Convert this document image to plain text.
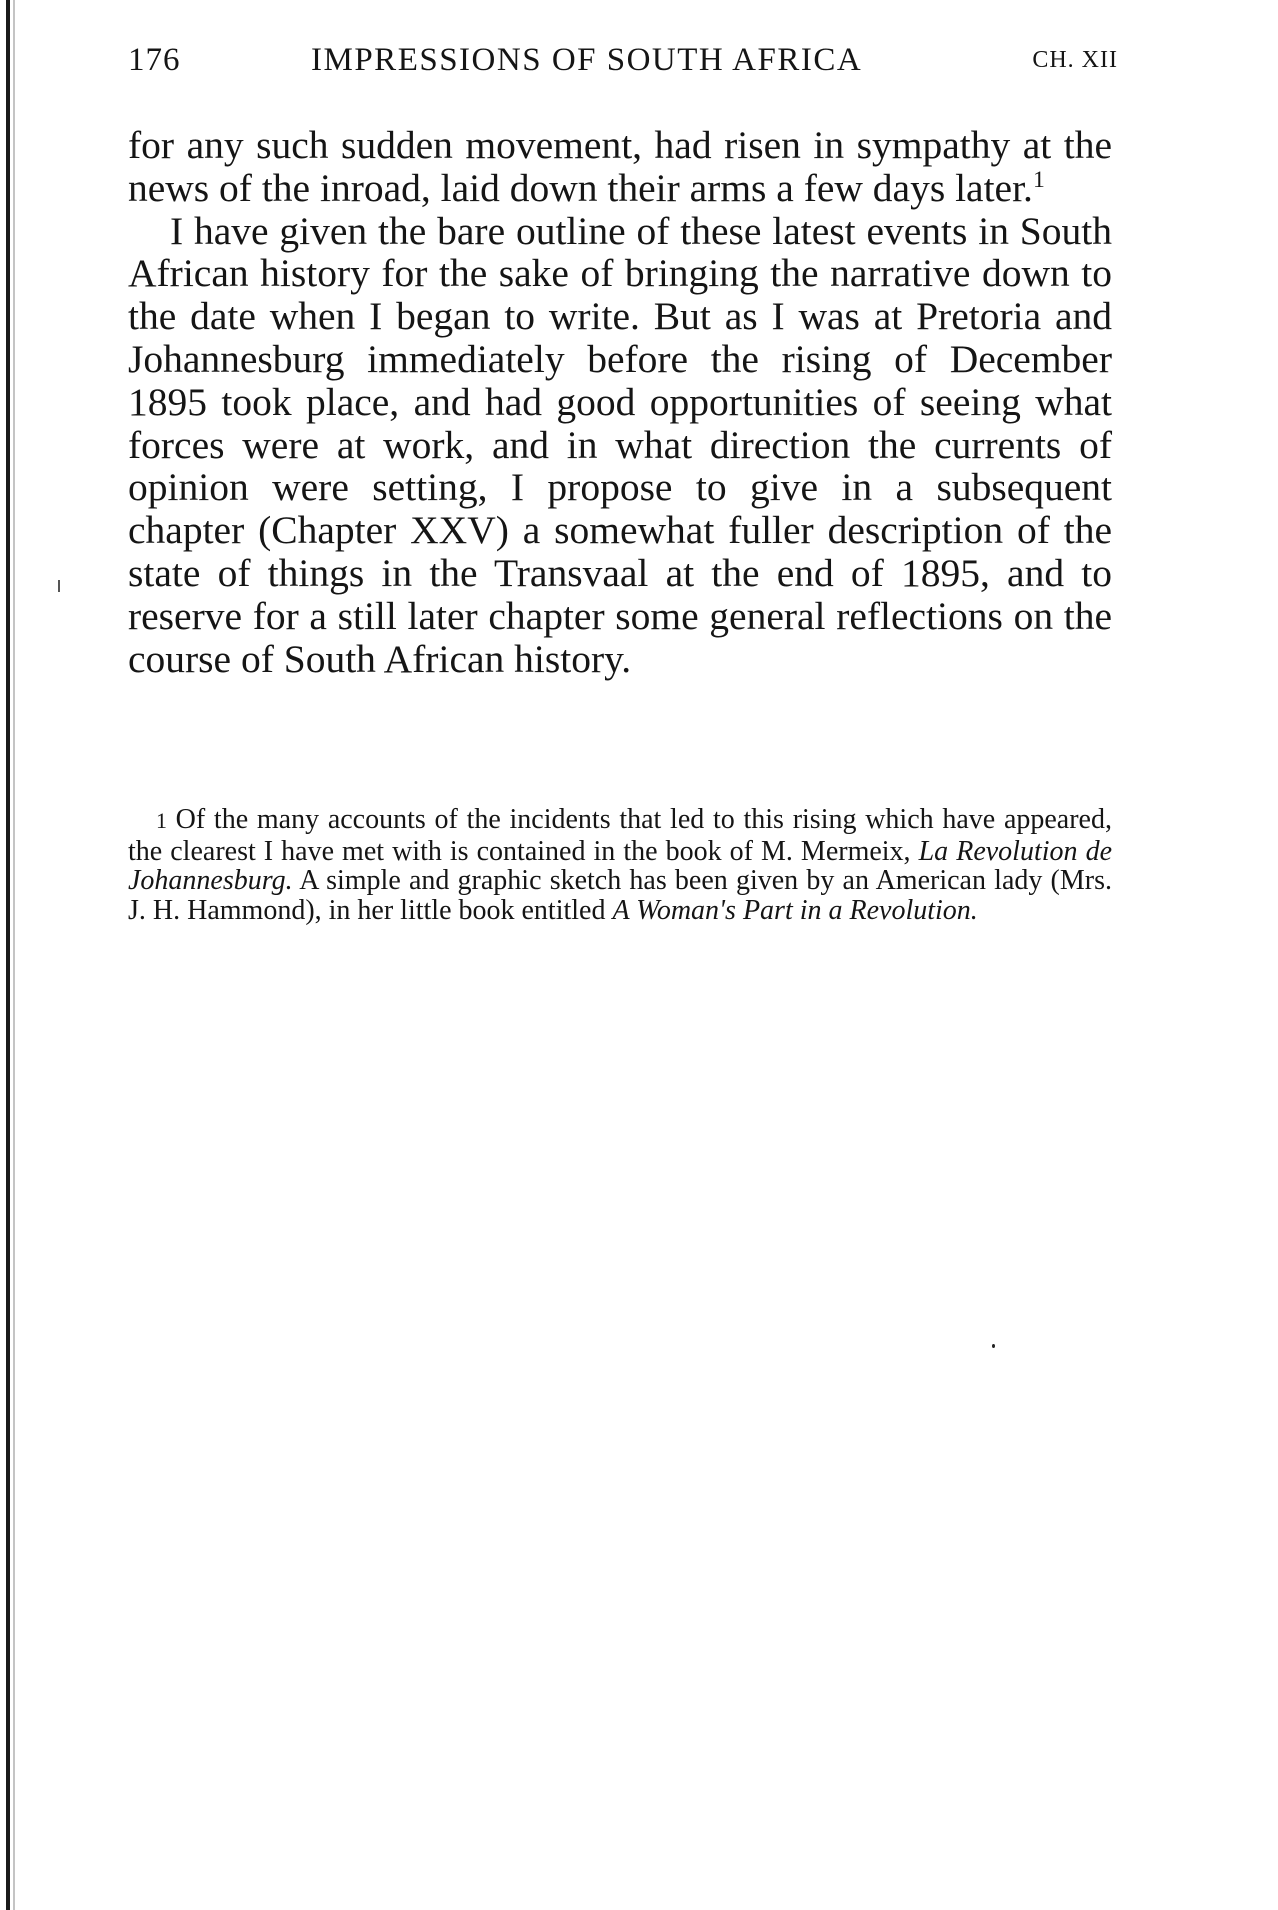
176	IMPRESSIONS OF SOUTH AFRICA	CH. XII

for any such sudden movement, had risen in sympathy at the news of the inroad, laid down their arms a few days later.$^1$

I have given the bare outline of these latest events in South African history for the sake of bringing the narrative down to the date when I began to write. But as I was at Pretoria and Johannesburg immediately before the rising of December 1895 took place, and had good opportunities of seeing what forces were at work, and in what direction the currents of opinion were setting, I propose to give in a subsequent chapter (Chapter XXV) a somewhat fuller description of the state of things in the Transvaal at the end of 1895, and to reserve for a still later chapter some general reflections on the course of South African history.

1 Of the many accounts of the incidents that led to this rising which have appeared, the clearest I have met with is contained in the book of M. Mermeix, La Revolution de Johannesburg. A simple and graphic sketch has been given by an American lady (Mrs. J. H. Hammond), in her little book entitled A Woman's Part in a Revolution.
